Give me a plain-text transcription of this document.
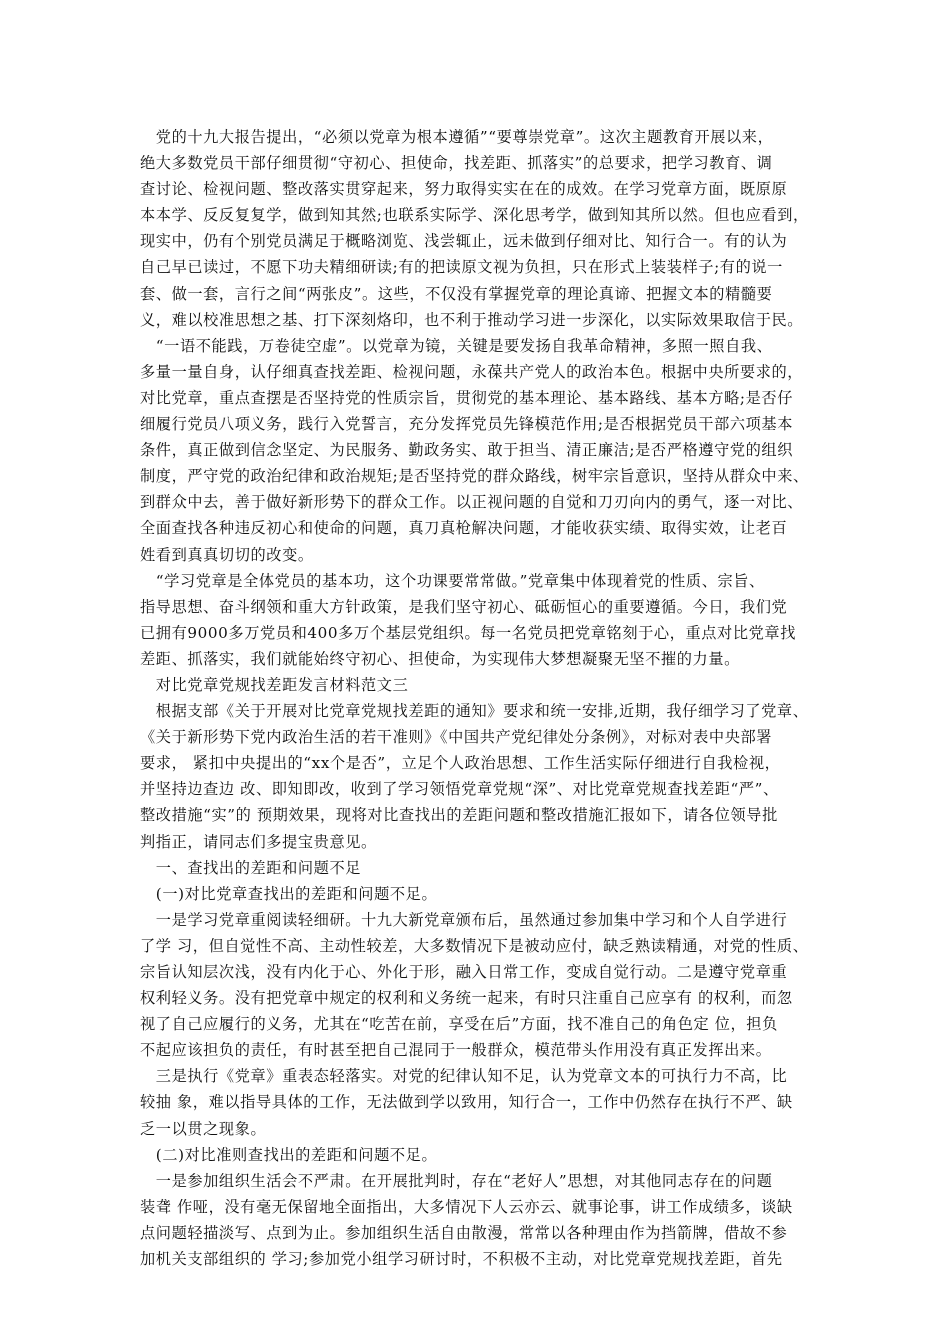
　党的十九大报告提出，“必须以党章为根本遵循”“要尊崇党章”。这次主题教育开展以来，
绝大多数党员干部仔细贯彻“守初心、担使命，找差距、抓落实”的总要求，把学习教育、调
查讨论、检视问题、整改落实贯穿起来，努力取得实实在在的成效。在学习党章方面，既原原
本本学、反反复复学，做到知其然;也联系实际学、深化思考学，做到知其所以然。但也应看到，
现实中，仍有个别党员满足于概略浏览、浅尝辄止，远未做到仔细对比、知行合一。有的认为
自己早已读过，不愿下功夫精细研读;有的把读原文视为负担，只在形式上装装样子;有的说一
套、做一套，言行之间“两张皮”。这些，不仅没有掌握党章的理论真谛、把握文本的精髓要
义，难以校准思想之基、打下深刻烙印，也不利于推动学习进一步深化，以实际效果取信于民。

　“一语不能践，万卷徒空虚”。以党章为镜，关键是要发扬自我革命精神，多照一照自我、
多量一量自身，认仔细真查找差距、检视问题，永葆共产党人的政治本色。根据中央所要求的，
对比党章，重点查摆是否坚持党的性质宗旨，贯彻党的基本理论、基本路线、基本方略;是否仔
细履行党员八项义务，践行入党誓言，充分发挥党员先锋模范作用;是否根据党员干部六项基本
条件，真正做到信念坚定、为民服务、勤政务实、敢于担当、清正廉洁;是否严格遵守党的组织
制度，严守党的政治纪律和政治规矩;是否坚持党的群众路线，树牢宗旨意识，坚持从群众中来、
到群众中去，善于做好新形势下的群众工作。以正视问题的自觉和刀刃向内的勇气，逐一对比、
全面查找各种违反初心和使命的问题，真刀真枪解决问题，才能收获实绩、取得实效，让老百
姓看到真真切切的改变。

　“学习党章是全体党员的基本功，这个功课要常常做。”党章集中体现着党的性质、宗旨、
指导思想、奋斗纲领和重大方针政策，是我们坚守初心、砥砺恒心的重要遵循。今日，我们党
已拥有9000多万党员和400多万个基层党组织。每一名党员把党章铭刻于心，重点对比党章找
差距、抓落实，我们就能始终守初心、担使命，为实现伟大梦想凝聚无坚不摧的力量。

　对比党章党规找差距发言材料范文三

　根据支部《关于开展对比党章党规找差距的通知》要求和统一安排,近期，我仔细学习了党章、
《关于新形势下党内政治生活的若干准则》《中国共产党纪律处分条例》，对标对表中央部署
要求， 紧扣中央提出的“xx个是否”，立足个人政治思想、工作生活实际仔细进行自我检视，
并坚持边查边 改、即知即改，收到了学习领悟党章党规“深”、对比党章党规查找差距“严”、
整改措施“实”的 预期效果，现将对比查找出的差距问题和整改措施汇报如下，请各位领导批
判指正，请同志们多提宝贵意见。

　一、查找出的差距和问题不足

　(一)对比党章查找出的差距和问题不足。

　一是学习党章重阅读轻细研。十九大新党章颁布后，虽然通过参加集中学习和个人自学进行
了学 习，但自觉性不高、主动性较差，大多数情况下是被动应付，缺乏熟读精通，对党的性质、
宗旨认知层次浅，没有内化于心、外化于形，融入日常工作，变成自觉行动。二是遵守党章重
权利轻义务。没有把党章中规定的权利和义务统一起来，有时只注重自己应享有 的权利，而忽
视了自己应履行的义务，尤其在“吃苦在前，享受在后”方面，找不准自己的角色定 位，担负
不起应该担负的责任，有时甚至把自己混同于一般群众，模范带头作用没有真正发挥出来。

　三是执行《党章》重表态轻落实。对党的纪律认知不足，认为党章文本的可执行力不高，比
较抽 象，难以指导具体的工作，无法做到学以致用，知行合一，工作中仍然存在执行不严、缺
乏一以贯之现象。

　(二)对比准则查找出的差距和问题不足。

　一是参加组织生活会不严肃。在开展批判时，存在“老好人”思想，对其他同志存在的问题
装聋 作哑，没有毫无保留地全面指出，大多情况下人云亦云、就事论事，讲工作成绩多，谈缺
点问题轻描淡写、点到为止。参加组织生活自由散漫，常常以各种理由作为挡箭牌，借故不参
加机关支部组织的 学习;参加党小组学习研讨时，不积极不主动，对比党章党规找差距，首先
